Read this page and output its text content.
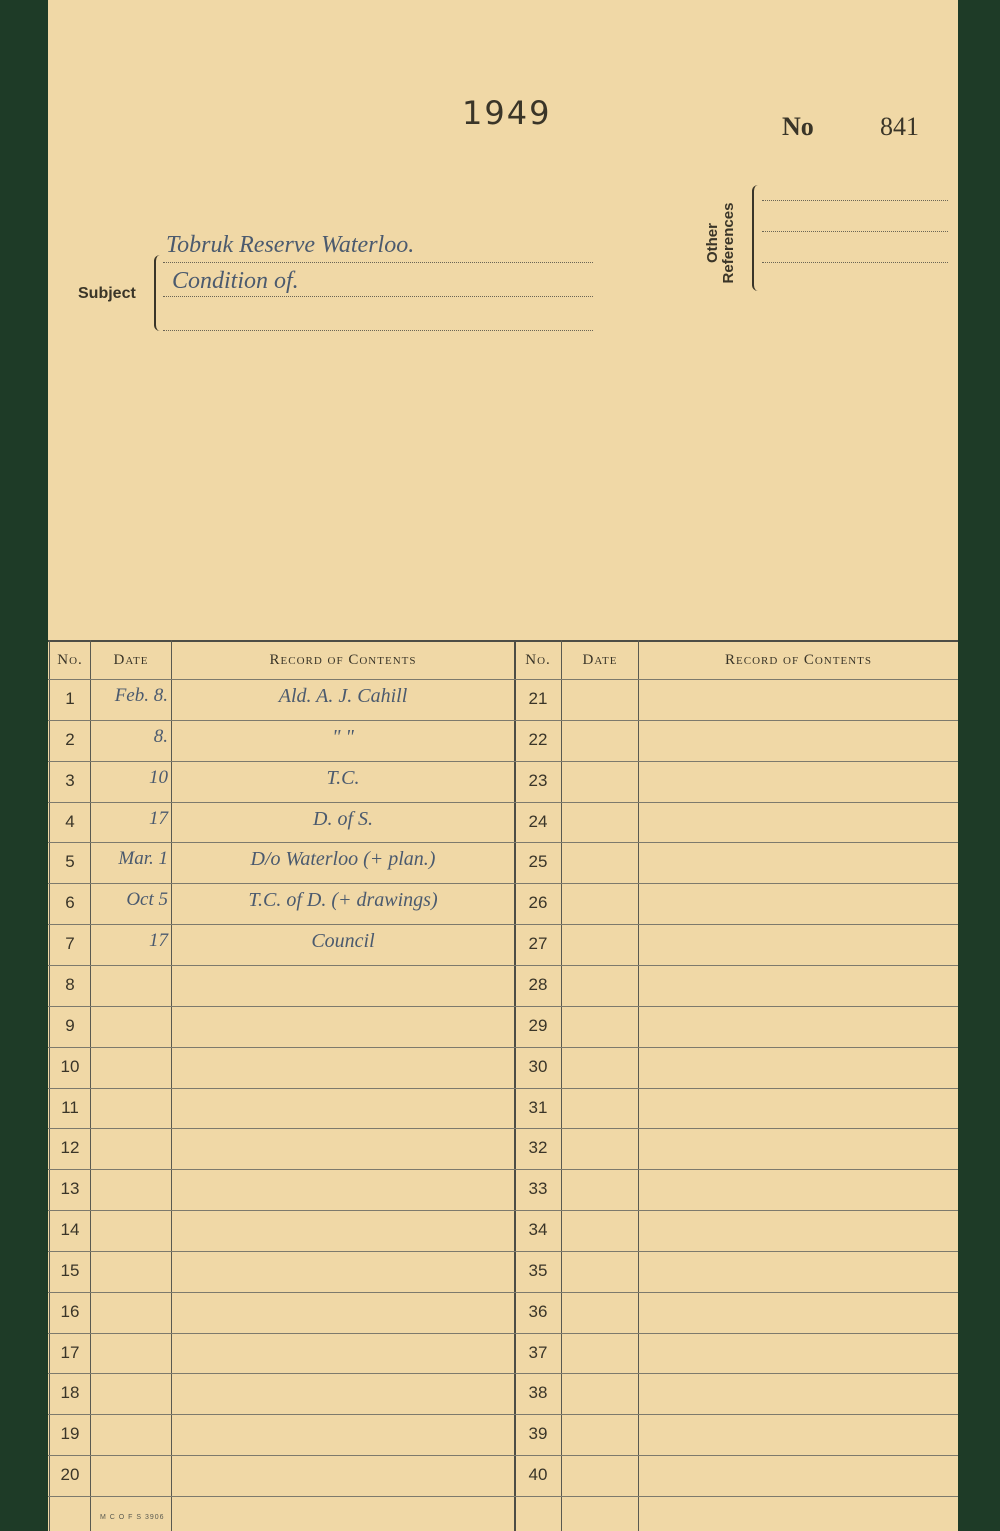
1949	No	841
Other References
Subject
Tobruk Reserve Waterloo.
Condition of.
No.	Date	Record of Contents	No.	Date	Record of Contents
1	Feb. 8.	Ald. A. J. Cahill	21
2	8.	" "	22
3	10	T.C.	23
4	17	D. of S.	24
5	Mar. 1	D/o Waterloo (+ plan.)	25
6	Oct 5	T.C. of D. (+ drawings)	26
7	17	Council	27
8	28
9	29
10	30
11	31
12	32
13	33
14	34
15	35
16	36
17	37
18	38
19	39
20	40
M C O F S 3906
